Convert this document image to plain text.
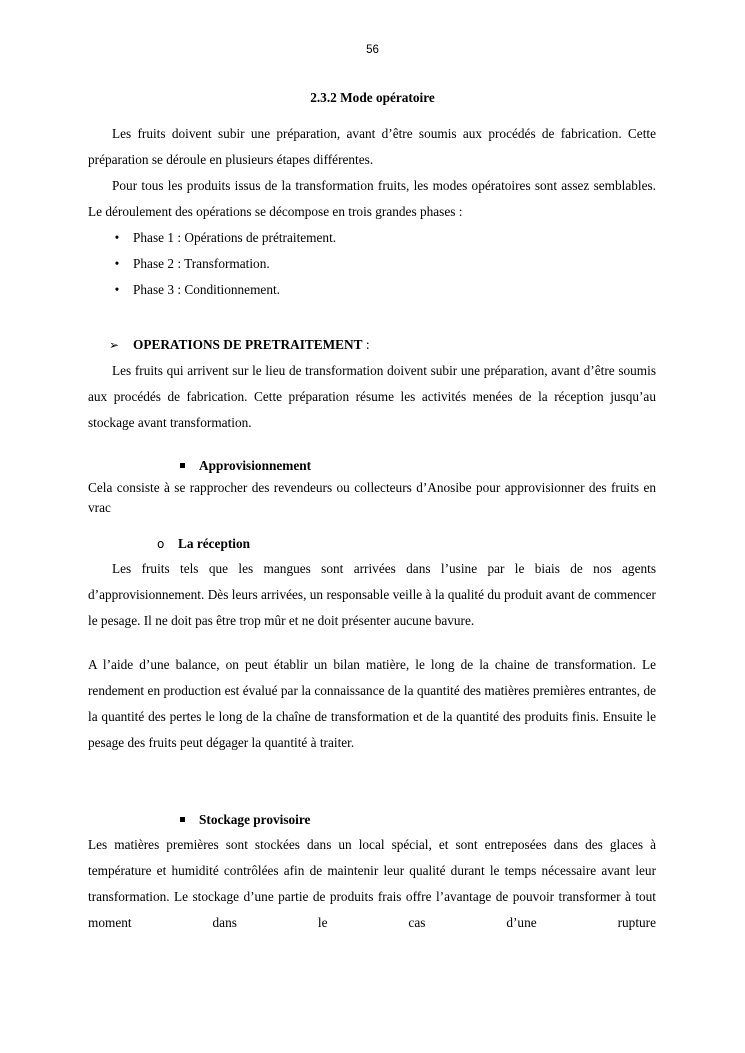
56
2.3.2 Mode opératoire

Les fruits doivent subir une préparation, avant d’être soumis aux procédés de fabrication. Cette préparation se déroule en plusieurs étapes différentes.

Pour tous les produits issus de la transformation fruits, les modes opératoires sont assez semblables. Le déroulement des opérations se décompose en trois grandes phases :

• Phase 1 : Opérations de prétraitement.
• Phase 2 : Transformation.
• Phase 3 : Conditionnement.
➢ OPERATIONS DE PRETRAITEMENT :

Les fruits qui arrivent sur le lieu de transformation doivent subir une préparation, avant d’être soumis aux procédés de fabrication. Cette préparation résume les activités menées de la réception jusqu’au stockage avant transformation.

Approvisionnement

Cela consiste à se rapprocher des revendeurs ou collecteurs d’Anosibe pour approvisionner des fruits en vrac

o La réception

Les fruits tels que les mangues sont arrivées dans l’usine par le biais de nos agents d’approvisionnement. Dès leurs arrivées, un responsable veille à la qualité du produit avant de commencer le pesage. Il ne doit pas être trop mûr et ne doit présenter aucune bavure.

A l’aide d’une balance, on peut établir un bilan matière, le long de la chaine de transformation. Le rendement en production est évalué par la connaissance de la quantité des matières premières entrantes, de la quantité des pertes le long de la chaîne de transformation et de la quantité des produits finis. Ensuite le pesage des fruits peut dégager la quantité à traiter.

Stockage provisoire

Les matières premières sont stockées dans un local spécial, et sont entreposées dans des glaces à température et humidité contrôlées afin de maintenir leur qualité durant le temps nécessaire avant leur transformation. Le stockage d’une partie de produits frais offre l’avantage de pouvoir transformer à tout moment dans le cas d’une rupture
